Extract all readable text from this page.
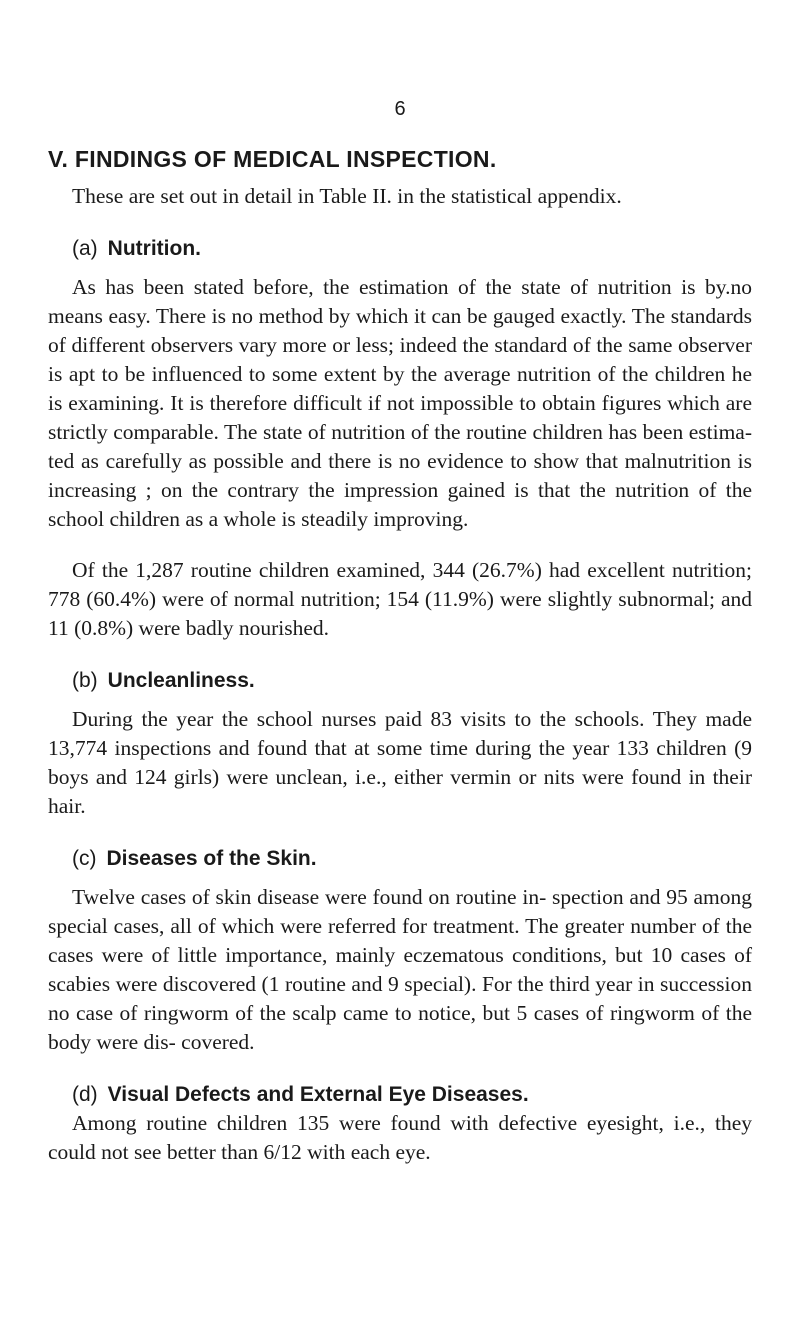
6
V. FINDINGS OF MEDICAL INSPECTION.

These are set out in detail in Table II. in the statistical appendix.

(a) Nutrition.

As has been stated before, the estimation of the state of nutrition is by.no means easy. There is no method by which it can be gauged exactly. The standards of different observers vary more or less; indeed the standard of the same observer is apt to be influenced to some extent by the average nutrition of the children he is examining. It is therefore difficult if not impossible to obtain figures which are strictly comparable. The state of nutrition of the routine children has been estima- ted as carefully as possible and there is no evidence to show that malnutrition is increasing ; on the contrary the impression gained is that the nutrition of the school children as a whole is steadily improving.

Of the 1,287 routine children examined, 344 (26.7%) had excellent nutrition; 778 (60.4%) were of normal nutrition; 154 (11.9%) were slightly subnormal; and 11 (0.8%) were badly nourished.

(b) Uncleanliness.

During the year the school nurses paid 83 visits to the schools. They made 13,774 inspections and found that at some time during the year 133 children (9 boys and 124 girls) were unclean, i.e., either vermin or nits were found in their hair.

(c) Diseases of the Skin.

Twelve cases of skin disease were found on routine in- spection and 95 among special cases, all of which were referred for treatment. The greater number of the cases were of little importance, mainly eczematous conditions, but 10 cases of scabies were discovered (1 routine and 9 special). For the third year in succession no case of ringworm of the scalp came to notice, but 5 cases of ringworm of the body were dis- covered.

(d) Visual Defects and External Eye Diseases.

Among routine children 135 were found with defective eyesight, i.e., they could not see better than 6/12 with each eye.
